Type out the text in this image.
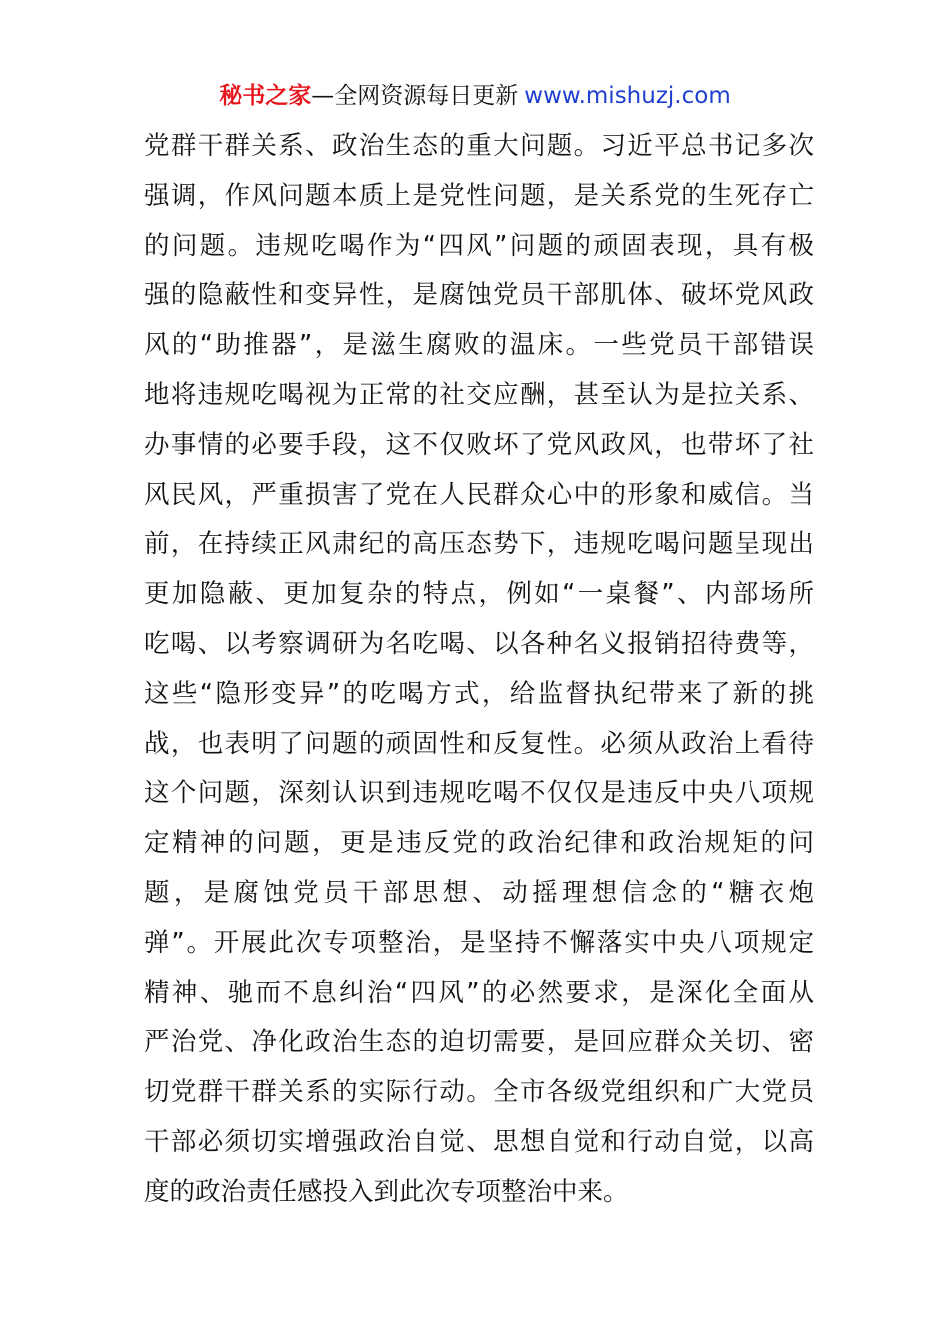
秘书之家—全网资源每日更新 www.mishuzj.com
党群干群关系、政治生态的重大问题。习近平总书记多次
强调，作风问题本质上是党性问题，是关系党的生死存亡
的问题。违规吃喝作为“四风”问题的顽固表现，具有极
强的隐蔽性和变异性，是腐蚀党员干部肌体、破坏党风政
风的“助推器”，是滋生腐败的温床。一些党员干部错误
地将违规吃喝视为正常的社交应酬，甚至认为是拉关系、
办事情的必要手段，这不仅败坏了党风政风，也带坏了社
风民风，严重损害了党在人民群众心中的形象和威信。当
前，在持续正风肃纪的高压态势下，违规吃喝问题呈现出
更加隐蔽、更加复杂的特点，例如“一桌餐”、内部场所
吃喝、以考察调研为名吃喝、以各种名义报销招待费等，
这些“隐形变异”的吃喝方式，给监督执纪带来了新的挑
战，也表明了问题的顽固性和反复性。必须从政治上看待
这个问题，深刻认识到违规吃喝不仅仅是违反中央八项规
定精神的问题，更是违反党的政治纪律和政治规矩的问
题，是腐蚀党员干部思想、动摇理想信念的“糖衣炮
弹”。开展此次专项整治，是坚持不懈落实中央八项规定
精神、驰而不息纠治“四风”的必然要求，是深化全面从
严治党、净化政治生态的迫切需要，是回应群众关切、密
切党群干群关系的实际行动。全市各级党组织和广大党员
干部必须切实增强政治自觉、思想自觉和行动自觉，以高
度的政治责任感投入到此次专项整治中来。
